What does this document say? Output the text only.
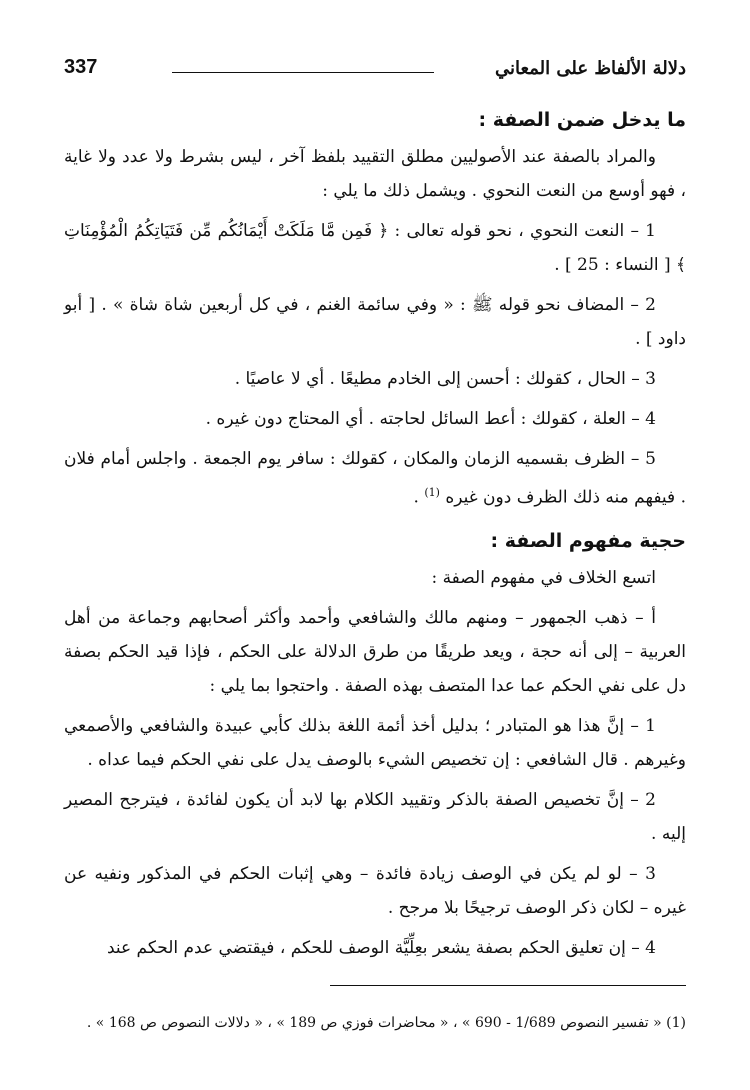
دلالة الألفاظ على المعاني
337
ما يدخل ضمن الصفة :

والمراد بالصفة عند الأصوليين مطلق التقييد بلفظ آخر ، ليس بشرط ولا عدد ولا غاية ، فهو أوسع من النعت النحوي . ويشمل ذلك ما يلي :

1 – النعت النحوي ، نحو قوله تعالى : ﴿ فَمِن مَّا مَلَكَتْ أَيْمَانُكُم مِّن فَتَيَاتِكُمُ الْمُؤْمِنَاتِ ﴾ [ النساء : 25 ] .

2 – المضاف نحو قوله ﷺ : « وفي سائمة الغنم ، في كل أربعين شاة شاة » . [ أبو داود ] .

3 – الحال ، كقولك : أحسن إلى الخادم مطيعًا . أي لا عاصيًا .

4 – العلة ، كقولك : أعط السائل لحاجته . أي المحتاج دون غيره .

5 – الظرف بقسميه الزمان والمكان ، كقولك : سافر يوم الجمعة . واجلس أمام فلان . فيفهم منه ذلك الظرف دون غيره $^{(1)}$ .

حجية مفهوم الصفة :

اتسع الخلاف في مفهوم الصفة :

أ – ذهب الجمهور – ومنهم مالك والشافعي وأحمد وأكثر أصحابهم وجماعة من أهل العربية – إلى أنه حجة ، ويعد طريقًا من طرق الدلالة على الحكم ، فإذا قيد الحكم بصفة دل على نفي الحكم عما عدا المتصف بهذه الصفة . واحتجوا بما يلي :

1 – إنَّ هذا هو المتبادر ؛ بدليل أخذ أئمة اللغة بذلك كأبي عبيدة والشافعي والأصمعي وغيرهم . قال الشافعي : إن تخصيص الشيء بالوصف يدل على نفي الحكم فيما عداه .

2 – إنَّ تخصيص الصفة بالذكر وتقييد الكلام بها لابد أن يكون لفائدة ، فيترجح المصير إليه .

3 – لو لم يكن في الوصف زيادة فائدة – وهي إثبات الحكم في المذكور ونفيه عن غيره – لكان ذكر الوصف ترجيحًا بلا مرجح .

4 – إن تعليق الحكم بصفة يشعر بعِلِّيَّة الوصف للحكم ، فيقتضي عدم الحكم عند

(1) « تفسير النصوص 1/689 - 690 » ، « محاضرات فوزي ص 189 » ، « دلالات النصوص ص 168 » .
